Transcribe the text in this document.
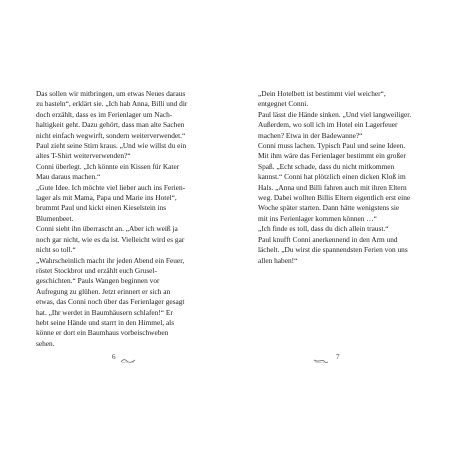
Das sollen wir mitbringen, um etwas Neues daraus
zu basteln“, erklärt sie. „Ich hab Anna, Billi und dir
doch erzählt, dass es im Ferienlager um Nach-
haltigkeit geht. Dazu gehört, dass man alte Sachen
nicht einfach wegwirft, sondern weiterverwendet.“
Paul zieht seine Stirn kraus. „Und wie willst du ein
altes T-Shirt weiterverwenden?“
Conni überlegt. „Ich könnte ein Kissen für Kater
Mau daraus machen.“
„Gute Idee. Ich möchte viel lieber auch ins Ferien-
lager als mit Mama, Papa und Marie ins Hotel“,
brummt Paul und kickt einen Kieselstein ins
Blumenbeet.
Conni sieht ihn überrascht an. „Aber ich weiß ja
noch gar nicht, wie es da ist. Vielleicht wird es gar
nicht so toll.“
„Wahrscheinlich macht ihr jeden Abend ein Feuer,
röstet Stockbrot und erzählt euch Grusel-
geschichten.“ Pauls Wangen beginnen vor
Aufregung zu glühen. Jetzt erinnert er sich an
etwas, das Conni noch über das Ferienlager gesagt
hat. „Ihr werdet in Baumhäusern schlafen!“ Er
hebt seine Hände und starrt in den Himmel, als
könne er dort ein Baumhaus vorbeischweben
sehen.
„Dein Hotelbett ist bestimmt viel weicher“,
entgegnet Conni.
Paul lässt die Hände sinken. „Und viel langweiliger.
Außerdem, wo soll ich im Hotel ein Lagerfeuer
machen? Etwa in der Badewanne?“
Conni muss lachen. Typisch Paul und seine Ideen.
Mit ihm wäre das Ferienlager bestimmt ein großer
Spaß. „Echt schade, dass du nicht mitkommen
kannst.“ Conni hat plötzlich einen dicken Kloß im
Hals. „Anna und Billi fahren auch mit ihren Eltern
weg. Dabei wollten Billis Eltern eigentlich erst eine
Woche später starten. Dann hätte wenigstens sie
mit ins Ferienlager kommen können …“
„Ich finde es toll, dass du dich allein traust.“
Paul knufft Conni anerkennend in den Arm und
lächelt. „Du wirst die spannendsten Ferien von uns
allen haben!“
6	7
